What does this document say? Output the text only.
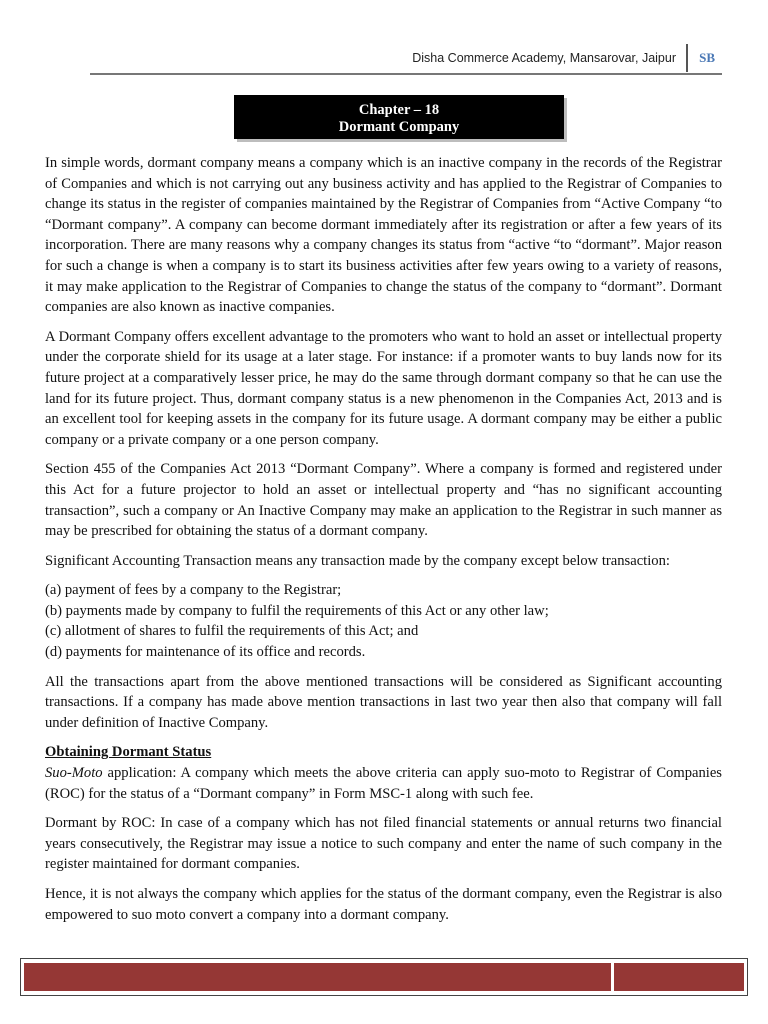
Disha Commerce Academy, Mansarovar, Jaipur SB
Chapter – 18
Dormant Company

In simple words, dormant company means a company which is an inactive company in the records of the Registrar of Companies and which is not carrying out any business activity and has applied to the Registrar of Companies to change its status in the register of companies maintained by the Registrar of Companies from “Active Company “to “Dormant company”. A company can become dormant immediately after its registration or after a few years of its incorporation. There are many reasons why a company changes its status from “active “to “dormant”. Major reason for such a change is when a company is to start its business activities after few years owing to a variety of reasons, it may make application to the Registrar of Companies to change the status of the company to “dormant”. Dormant companies are also known as inactive companies.

A Dormant Company offers excellent advantage to the promoters who want to hold an asset or intellectual property under the corporate shield for its usage at a later stage. For instance: if a promoter wants to buy lands now for its future project at a comparatively lesser price, he may do the same through dormant company so that he can use the land for its future project. Thus, dormant company status is a new phenomenon in the Companies Act, 2013 and is an excellent tool for keeping assets in the company for its future usage. A dormant company may be either a public company or a private company or a one person company.

Section 455 of the Companies Act 2013 “Dormant Company”. Where a company is formed and registered under this Act for a future projector to hold an asset or intellectual property and “has no significant accounting transaction”, such a company or An Inactive Company may make an application to the Registrar in such manner as may be prescribed for obtaining the status of a dormant company.

Significant Accounting Transaction means any transaction made by the company except below transaction:

(a) payment of fees by a company to the Registrar;
(b) payments made by company to fulfil the requirements of this Act or any other law;
(c) allotment of shares to fulfil the requirements of this Act; and
(d) payments for maintenance of its office and records.

All the transactions apart from the above mentioned transactions will be considered as Significant accounting transactions. If a company has made above mention transactions in last two year then also that company will fall under definition of Inactive Company.

Obtaining Dormant Status

Suo-Moto application: A company which meets the above criteria can apply suo-moto to Registrar of Companies (ROC) for the status of a “Dormant company” in Form MSC-1 along with such fee.

Dormant by ROC: In case of a company which has not filed financial statements or annual returns two financial years consecutively, the Registrar may issue a notice to such company and enter the name of such company in the register maintained for dormant companies.

Hence, it is not always the company which applies for the status of the dormant company, even the Registrar is also empowered to suo moto convert a company into a dormant company.
